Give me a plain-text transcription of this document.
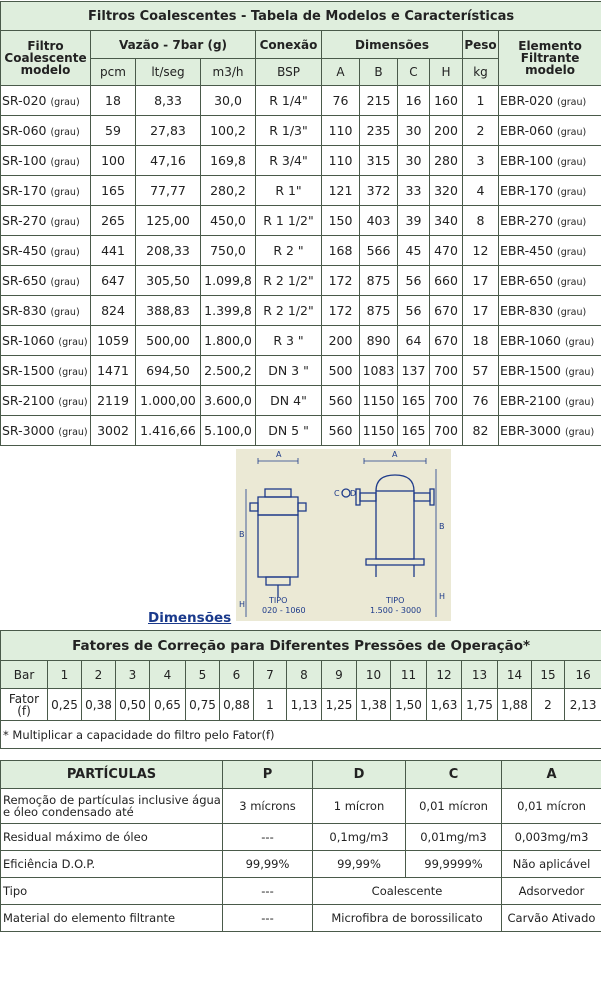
Filtros Coalescentes - Tabela de Modelos e Características										
Filtro Coalescente modelo	Vazão - 7bar (g)			Conexão	Dimensões				Peso	Elemento Filtrante modelo
	pcm	lt/seg	m3/h	BSP	A	B	C	H	kg	
SR-020 (grau)	18	8,33	30,0	R 1/4"	76	215	16	160	1	EBR-020 (grau)
SR-060 (grau)	59	27,83	100,2	R 1/3"	110	235	30	200	2	EBR-060 (grau)
SR-100 (grau)	100	47,16	169,8	R 3/4"	110	315	30	280	3	EBR-100 (grau)
SR-170 (grau)	165	77,77	280,2	R 1"	121	372	33	320	4	EBR-170 (grau)
SR-270 (grau)	265	125,00	450,0	R 1 1/2"	150	403	39	340	8	EBR-270 (grau)
SR-450 (grau)	441	208,33	750,0	R 2 "	168	566	45	470	12	EBR-450 (grau)
SR-650 (grau)	647	305,50	1.099,8	R 2 1/2"	172	875	56	660	17	EBR-650 (grau)
SR-830 (grau)	824	388,83	1.399,8	R 2 1/2"	172	875	56	670	17	EBR-830 (grau)
SR-1060 (grau)	1059	500,00	1.800,0	R 3 "	200	890	64	670	18	EBR-1060 (grau)
SR-1500 (grau)	1471	694,50	2.500,2	DN 3 "	500	1083	137	700	57	EBR-1500 (grau)
SR-2100 (grau)	2119	1.000,00	3.600,0	DN 4"	560	1150	165	700	76	EBR-2100 (grau)
SR-3000 (grau)	3002	1.416,66	5.100,0	DN 5 "	560	1150	165	700	82	EBR-3000 (grau)
A	A
B
B
H
H
C D
TIPO
020 - 1060
TIPO
1.500 - 3000
Dimensões
Fatores de Correção para Diferentes Pressões de Operação*																
Bar	1	2	3	4	5	6	7	8	9	10	11	12	13	14	15	16
Fator (f)	0,25	0,38	0,50	0,65	0,75	0,88	1	1,13	1,25	1,38	1,50	1,63	1,75	1,88	2	2,13
* Multiplicar a capacidade do filtro pelo Fator(f)																
PARTÍCULAS	P	D	C	A
Remoção de partículas inclusive água e óleo condensado até	3 mícrons	1 mícron	0,01 mícron	0,01 mícron
Residual máximo de óleo	---	0,1mg/m3	0,01mg/m3	0,003mg/m3
Eficiência D.O.P.	99,99%	99,99%	99,9999%	Não aplicável
Tipo	---	Coalescente		Adsorvedor
Material do elemento filtrante	---	Microfibra de borossilicato		Carvão Ativado
